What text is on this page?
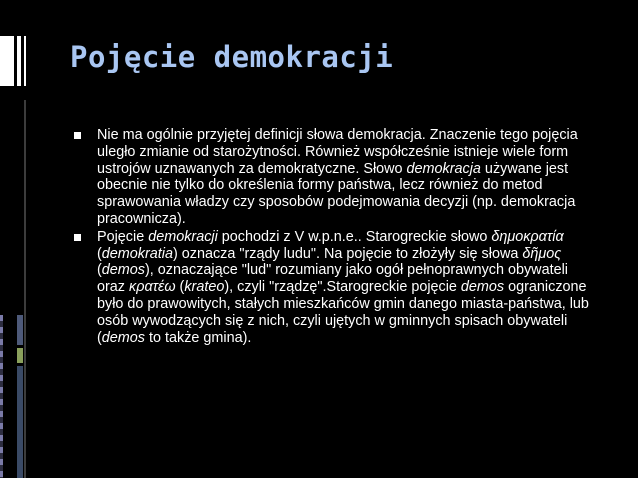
Pojęcie demokracji
Nie ma ogólnie przyjętej definicji słowa demokracja. Znaczenie tego pojęcia uległo zmianie od starożytności. Również współcześnie istnieje wiele form ustrojów uznawanych za demokratyczne. Słowo demokracja używane jest obecnie nie tylko do określenia formy państwa, lecz również do metod sprawowania władzy czy sposobów podejmowania decyzji (np. demokracja pracownicza).
Pojęcie demokracji pochodzi z V w.p.n.e.. Starogreckie słowo δημοκρατία (demokratia) oznacza "rządy ludu". Na pojęcie to złożyły się słowa δῆμος (demos), oznaczające "lud" rozumiany jako ogół pełnoprawnych obywateli oraz κρατέω (krateo), czyli "rządzę".Starogreckie pojęcie demos ograniczone było do prawowitych, stałych mieszkańców gmin danego miasta-państwa, lub osób wywodzących się z nich, czyli ujętych w gminnych spisach obywateli (demos to także gmina).
